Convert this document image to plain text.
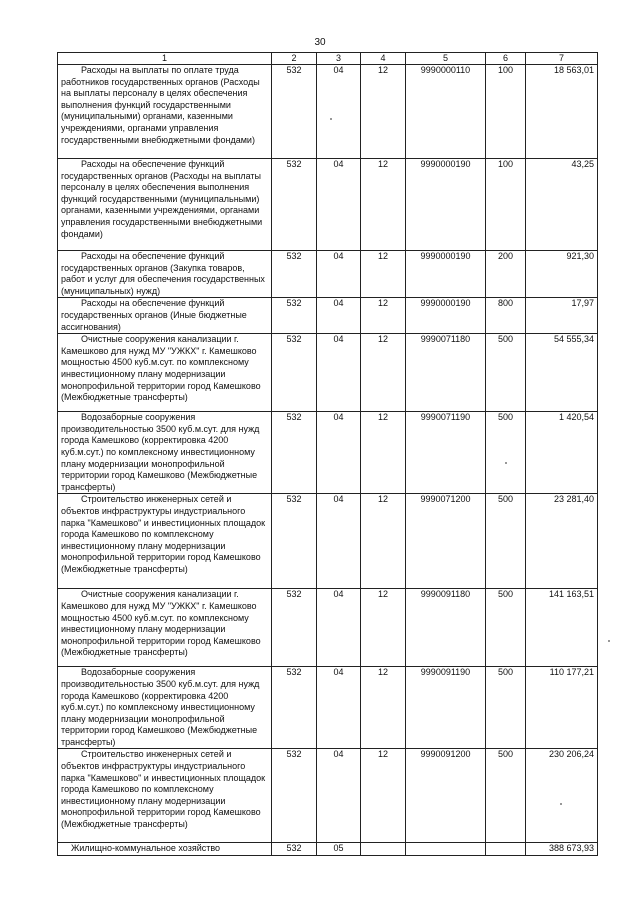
30
1	2	3	4	5	6	7

Расходы на выплаты по оплате труда работников государственных органов (Расходы на выплаты персоналу в целях обеспечения выполнения функций государственными (муниципальными) органами, казенными учреждениями, органами управления государственными внебюджетными фондами)	532	04	12	9990000110	100	18 563,01

Расходы на обеспечение функций государственных органов (Расходы на выплаты персоналу в целях обеспечения выполнения функций государственными (муниципальными) органами, казенными учреждениями, органами управления государственными внебюджетными фондами)	532	04	12	9990000190	100	43,25

Расходы на обеспечение функций государственных органов (Закупка товаров, работ и услуг для обеспечения государственных (муниципальных) нужд)	532	04	12	9990000190	200	921,30

Расходы на обеспечение функций государственных органов (Иные бюджетные ассигнования)	532	04	12	9990000190	800	17,97

Очистные сооружения канализации г. Камешково для нужд МУ "УЖКХ" г. Камешково мощностью 4500 куб.м.сут. по комплексному инвестиционному плану модернизации монопрофильной территории город Камешково (Межбюджетные трансферты)	532	04	12	9990071180	500	54 555,34

Водозаборные сооружения производительностью 3500 куб.м.сут. для нужд города Камешково (корректировка 4200 куб.м.сут.) по комплексному инвестиционному плану модернизации монопрофильной территории город Камешково (Межбюджетные трансферты)	532	04	12	9990071190	500	1 420,54

Строительство инженерных сетей и объектов инфраструктуры индустриального парка "Камешково" и инвестиционных площадок города Камешково по комплексному инвестиционному плану модернизации монопрофильной территории город Камешково (Межбюджетные трансферты)	532	04	12	9990071200	500	23 281,40

Очистные сооружения канализации г. Камешково для нужд МУ "УЖКХ" г. Камешково мощностью 4500 куб.м.сут. по комплексному инвестиционному плану модернизации монопрофильной территории город Камешково (Межбюджетные трансферты)	532	04	12	9990091180	500	141 163,51

Водозаборные сооружения производительностью 3500 куб.м.сут. для нужд города Камешково (корректировка 4200 куб.м.сут.) по комплексному инвестиционному плану модернизации монопрофильной территории город Камешково (Межбюджетные трансферты)	532	04	12	9990091190	500	110 177,21

Строительство инженерных сетей и объектов инфраструктуры индустриального парка "Камешково" и инвестиционных площадок города Камешково по комплексному инвестиционному плану модернизации монопрофильной территории город Камешково (Межбюджетные трансферты)	532	04	12	9990091200	500	230 206,24

Жилищно-коммунальное хозяйство	532	05				388 673,93
